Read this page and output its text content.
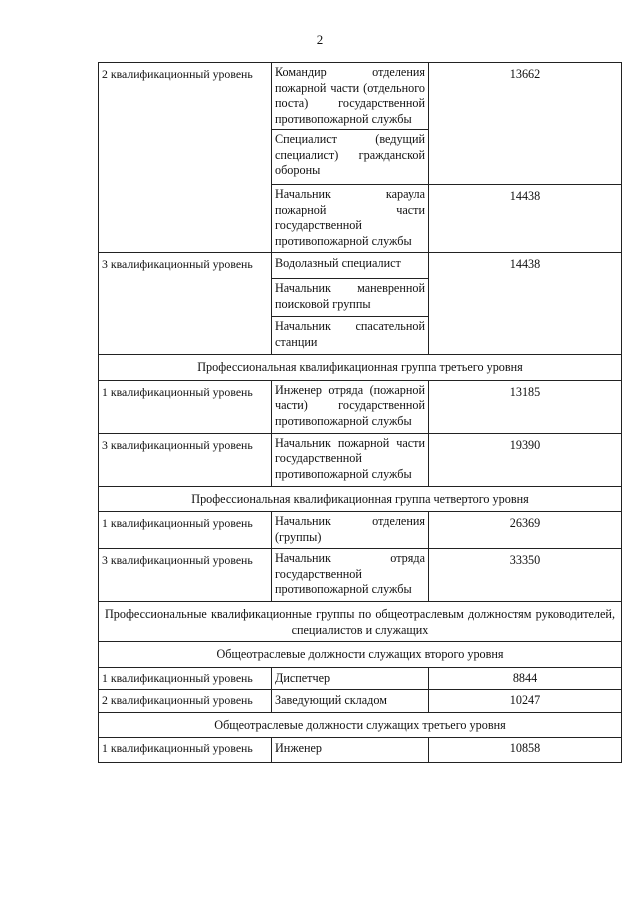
2
2 квалификационный уровень	Командир отделения пожарной части (отдельного поста) государственной противопожарной службы	13662
	Специалист (ведущий специалист) гражданской обороны	
	Начальник караула пожарной части государственной противопожарной службы	14438
3 квалификационный уровень	Водолазный специалист	14438
	Начальник маневренной поисковой группы	
	Начальник спасательной станции	
Профессиональная квалификационная группа третьего уровня		
1 квалификационный уровень	Инженер отряда (пожарной части) государственной противопожарной службы	13185
3 квалификационный уровень	Начальник пожарной части государственной противопожарной службы	19390
Профессиональная квалификационная группа четвертого уровня		
1 квалификационный уровень	Начальник отделения (группы)	26369
3 квалификационный уровень	Начальник отряда государственной противопожарной службы	33350
Профессиональные квалификационные группы по общеотраслевым должностям руководителей, специалистов и служащих		
Общеотраслевые должности служащих второго уровня		
1 квалификационный уровень	Диспетчер	8844
2 квалификационный уровень	Заведующий складом	10247
Общеотраслевые должности служащих третьего уровня		
1 квалификационный уровень	Инженер	10858
